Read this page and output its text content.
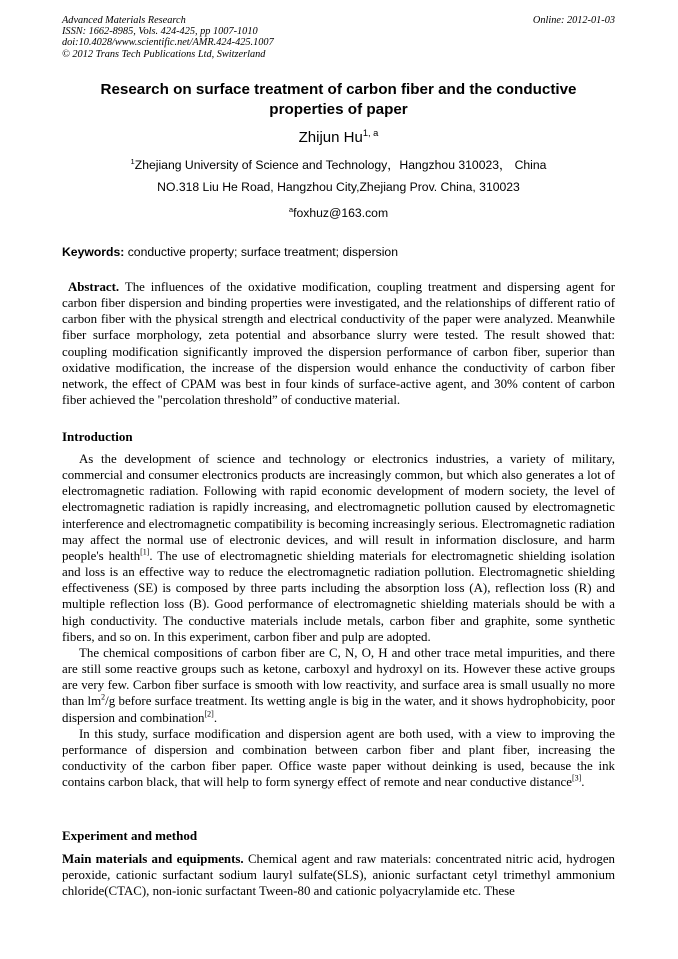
Advanced Materials Research
ISSN: 1662-8985, Vols. 424-425, pp 1007-1010
doi:10.4028/www.scientific.net/AMR.424-425.1007
© 2012 Trans Tech Publications Ltd, Switzerland
Online: 2012-01-03
Research on surface treatment of carbon fiber and the conductive
properties of paper
Zhijun Hu$^{1, a}$
$^1$Zhejiang University of Science and Technology，Hangzhou 310023， China
NO.318 Liu He Road, Hangzhou City,Zhejiang Prov. China, 310023
$^a$foxhuz@163.com
Keywords: conductive property; surface treatment; dispersion

Abstract. The influences of the oxidative modification, coupling treatment and dispersing agent for carbon fiber dispersion and binding properties were investigated, and the relationships of different ratio of carbon fiber with the physical strength and electrical conductivity of the paper were analyzed. Meanwhile fiber surface morphology, zeta potential and absorbance slurry were tested. The result showed that: coupling modification significantly improved the dispersion performance of carbon fiber, superior than oxidative modification, the increase of the dispersion would enhance the conductivity of carbon fiber network, the effect of CPAM was best in four kinds of surface-active agent, and 30% content of carbon fiber achieved the "percolation threshold” of conductive material.

Introduction

As the development of science and technology or electronics industries, a variety of military, commercial and consumer electronics products are increasingly common, but which also generates a lot of electromagnetic radiation. Following with rapid economic development of modern society, the level of electromagnetic radiation is rapidly increasing, and electromagnetic pollution caused by electromagnetic interference and electromagnetic compatibility is becoming increasingly serious. Electromagnetic radiation may affect the normal use of electronic devices, and will result in information disclosure, and harm people's health[1]. The use of electromagnetic shielding materials for electromagnetic shielding isolation and loss is an effective way to reduce the electromagnetic radiation pollution. Electromagnetic shielding effectiveness (SE) is composed by three parts including the absorption loss (A), reflection loss (R) and multiple reflection loss (B). Good performance of electromagnetic shielding materials should be with a high conductivity. The conductive materials include metals, carbon fiber and graphite, some synthetic fibers, and so on. In this experiment, carbon fiber and pulp are adopted.

The chemical compositions of carbon fiber are C, N, O, H and other trace metal impurities, and there are still some reactive groups such as ketone, carboxyl and hydroxyl on its. However these active groups are very few. Carbon fiber surface is smooth with low reactivity, and surface area is small usually no more than $lm^2/g$ before surface treatment. Its wetting angle is big in the water, and it shows hydrophobicity, poor dispersion and combination[2].

In this study, surface modification and dispersion agent are both used, with a view to improving the performance of dispersion and combination between carbon fiber and plant fiber, increasing the conductivity of the carbon fiber paper. Office waste paper without deinking is used, because the ink contains carbon black, that will help to form synergy effect of remote and near conductive distance[3].

Experiment and method

Main materials and equipments. Chemical agent and raw materials: concentrated nitric acid, hydrogen peroxide, cationic surfactant sodium lauryl sulfate(SLS), anionic surfactant cetyl trimethyl ammonium chloride(CTAC), non-ionic surfactant Tween-80 and cationic polyacrylamide etc. These
